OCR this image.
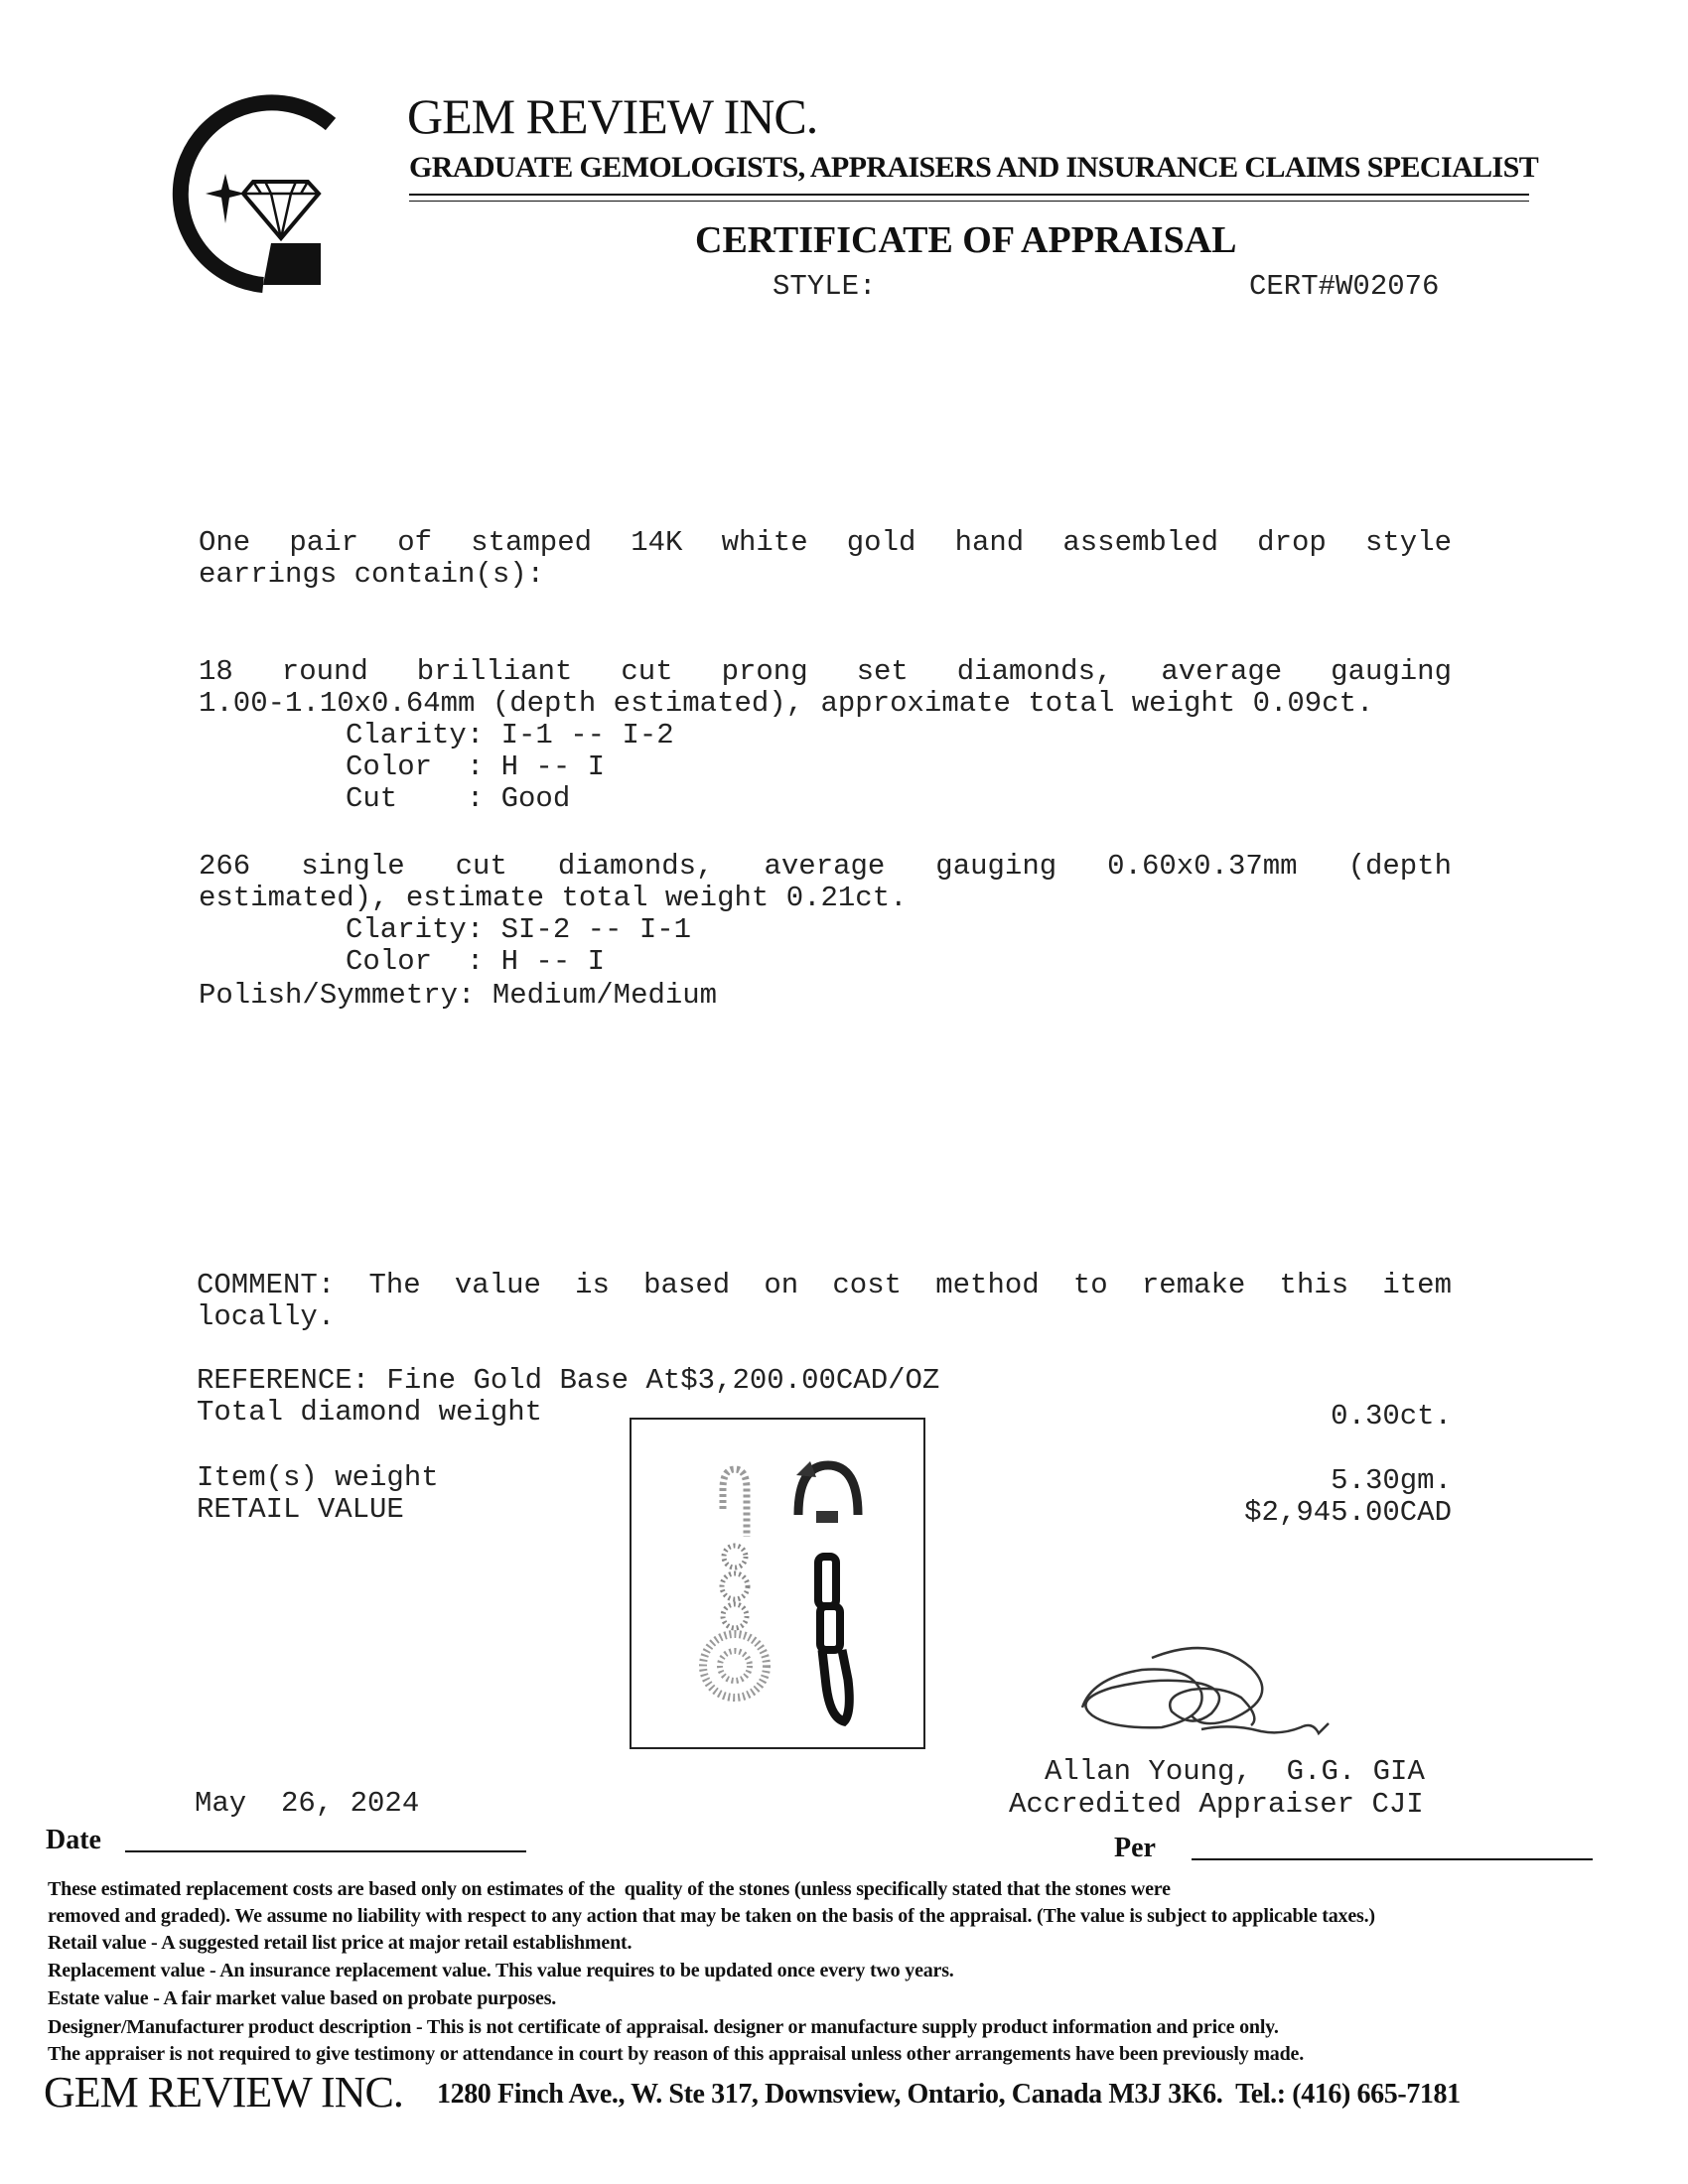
GEM REVIEW INC.
GRADUATE GEMOLOGISTS, APPRAISERS AND INSURANCE CLAIMS SPECIALIST
CERTIFICATE OF APPRAISAL
STYLE:	CERT#W02076
One pair of stamped 14K white gold hand assembled drop style
earrings contain(s):
18 round brilliant cut prong set diamonds, average gauging
1.00-1.10x0.64mm (depth estimated), approximate total weight 0.09ct.
Clarity: I-1 -- I-2
Color  : H -- I
Cut    : Good
266 single cut diamonds, average gauging 0.60x0.37mm (depth
estimated), estimate total weight 0.21ct.
Clarity: SI-2 -- I-1
Color  : H -- I
Polish/Symmetry: Medium/Medium
COMMENT: The value is based on cost method to remake this item
locally.
REFERENCE: Fine Gold Base At$3,200.00CAD/OZ
Total diamond weight	0.30ct.
Item(s) weight	5.30gm.
RETAIL VALUE	$2,945.00CAD
Allan Young,  G.G. GIA
Accredited Appraiser CJI
May  26, 2024
Date	Per
These estimated replacement costs are based only on estimates of the  quality of the stones (unless specifically stated that the stones were
removed and graded). We assume no liability with respect to any action that may be taken on the basis of the appraisal. (The value is subject to applicable taxes.)
Retail value - A suggested retail list price at major retail establishment.
Replacement value - An insurance replacement value. This value requires to be updated once every two years.
Estate value - A fair market value based on probate purposes.
Designer/Manufacturer product description - This is not certificate of appraisal. designer or manufacture supply product information and price only.
The appraiser is not required to give testimony or attendance in court by reason of this appraisal unless other arrangements have been previously made.
GEM REVIEW INC. 1280 Finch Ave., W. Ste 317, Downsview, Ontario, Canada M3J 3K6.  Tel.: (416) 665-7181
